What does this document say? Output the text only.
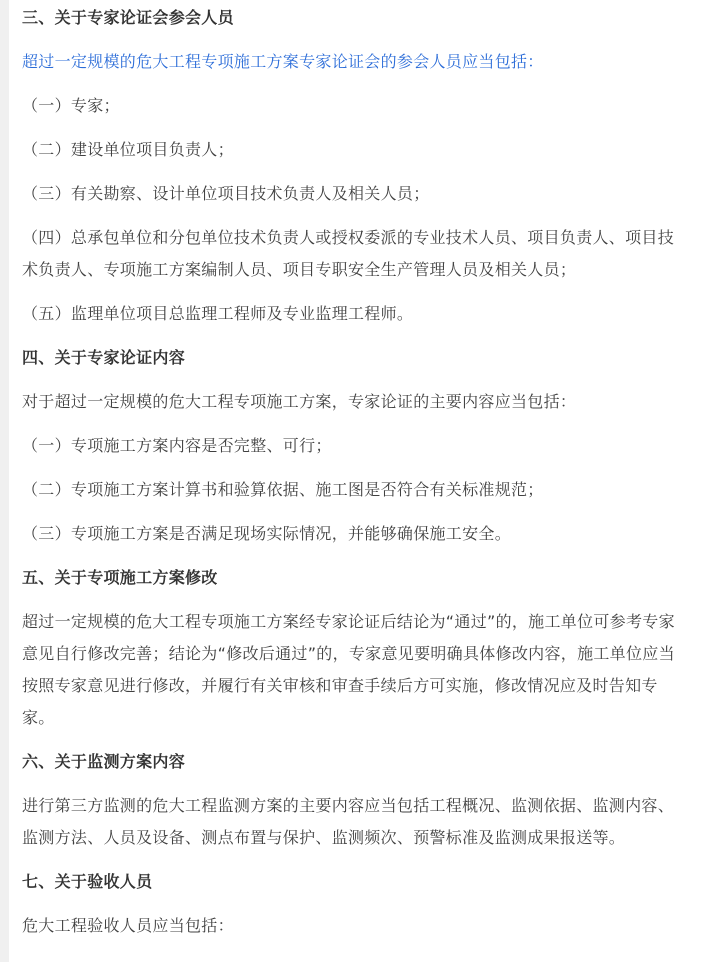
三、关于专家论证会参会人员

超过一定规模的危大工程专项施工方案专家论证会的参会人员应当包括：

（一）专家；

（二）建设单位项目负责人；

（三）有关勘察、设计单位项目技术负责人及相关人员；

（四）总承包单位和分包单位技术负责人或授权委派的专业技术人员、项目负责人、项目技术负责人、专项施工方案编制人员、项目专职安全生产管理人员及相关人员；

（五）监理单位项目总监理工程师及专业监理工程师。

四、关于专家论证内容

对于超过一定规模的危大工程专项施工方案，专家论证的主要内容应当包括：

（一）专项施工方案内容是否完整、可行；

（二）专项施工方案计算书和验算依据、施工图是否符合有关标准规范；

（三）专项施工方案是否满足现场实际情况，并能够确保施工安全。

五、关于专项施工方案修改

超过一定规模的危大工程专项施工方案经专家论证后结论为“通过”的，施工单位可参考专家意见自行修改完善；结论为“修改后通过”的，专家意见要明确具体修改内容，施工单位应当按照专家意见进行修改，并履行有关审核和审查手续后方可实施，修改情况应及时告知专家。

六、关于监测方案内容

进行第三方监测的危大工程监测方案的主要内容应当包括工程概况、监测依据、监测内容、监测方法、人员及设备、测点布置与保护、监测频次、预警标准及监测成果报送等。

七、关于验收人员

危大工程验收人员应当包括：
